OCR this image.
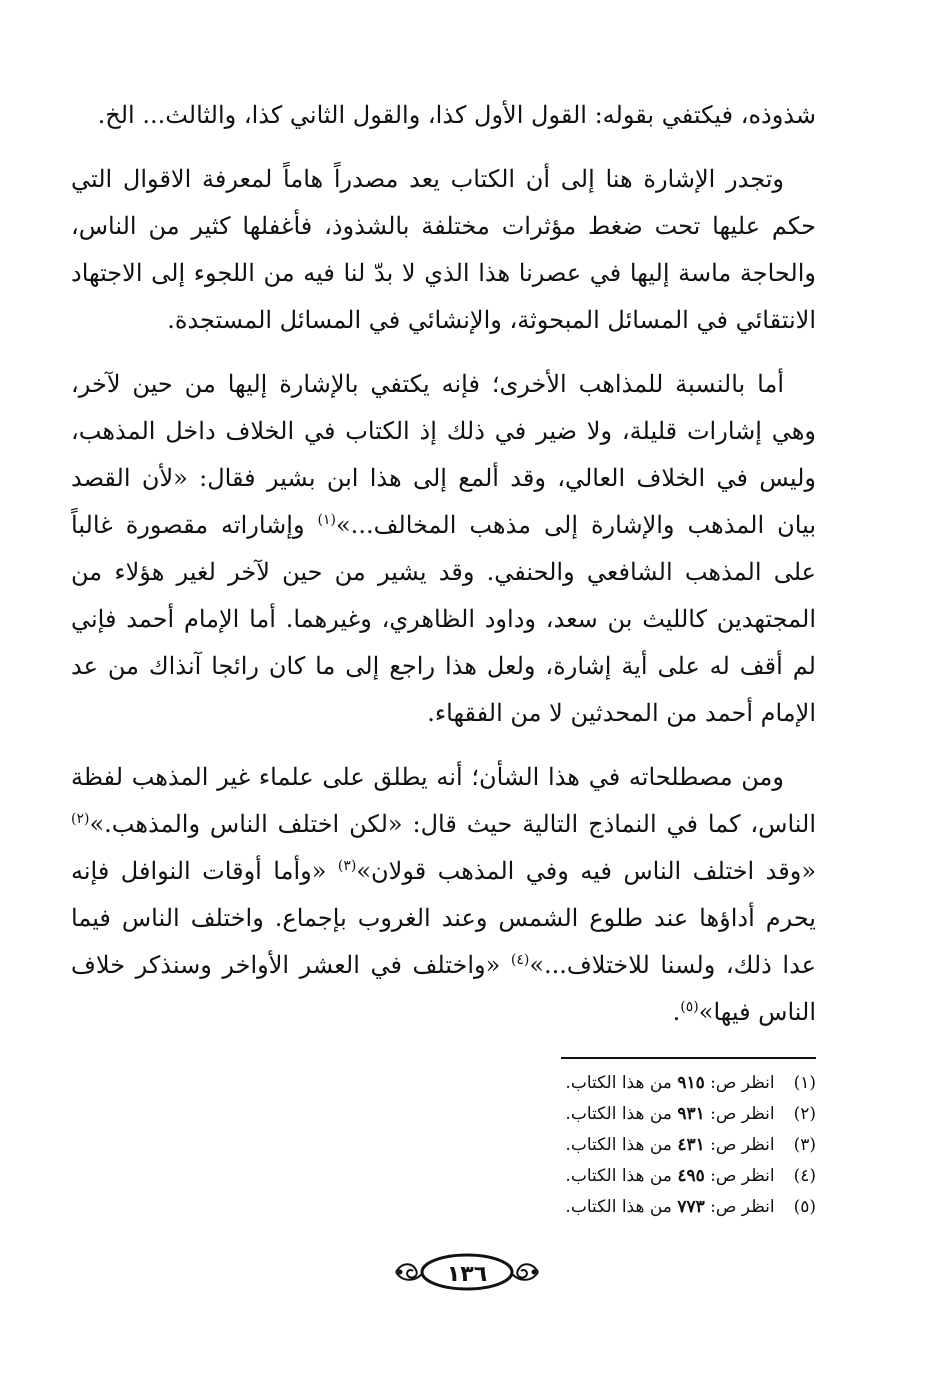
شذوذه، فيكتفي بقوله: القول الأول كذا، والقول الثاني كذا، والثالث... الخ.

وتجدر الإشارة هنا إلى أن الكتاب يعد مصدراً هاماً لمعرفة الاقوال التي حكم عليها تحت ضغط مؤثرات مختلفة بالشذوذ، فأغفلها كثير من الناس، والحاجة ماسة إليها في عصرنا هذا الذي لا بدّ لنا فيه من اللجوء إلى الاجتهاد الانتقائي في المسائل المبحوثة، والإنشائي في المسائل المستجدة.

أما بالنسبة للمذاهب الأخرى؛ فإنه يكتفي بالإشارة إليها من حين لآخر، وهي إشارات قليلة، ولا ضير في ذلك إذ الكتاب في الخلاف داخل المذهب، وليس في الخلاف العالي، وقد ألمع إلى هذا ابن بشير فقال: «لأن القصد بيان المذهب والإشارة إلى مذهب المخالف...»$^{(١)}$ وإشاراته مقصورة غالباً على المذهب الشافعي والحنفي. وقد يشير من حين لآخر لغير هؤلاء من المجتهدين كالليث بن سعد، وداود الظاهري، وغيرهما. أما الإمام أحمد فإني لم أقف له على أية إشارة، ولعل هذا راجع إلى ما كان رائجا آنذاك من عد الإمام أحمد من المحدثين لا من الفقهاء.

ومن مصطلحاته في هذا الشأن؛ أنه يطلق على علماء غير المذهب لفظة الناس، كما في النماذج التالية حيث قال: «لكن اختلف الناس والمذهب.»$^{(٢)}$ «وقد اختلف الناس فيه وفي المذهب قولان»$^{(٣)}$ «وأما أوقات النوافل فإنه يحرم أداؤها عند طلوع الشمس وعند الغروب بإجماع. واختلف الناس فيما عدا ذلك، ولسنا للاختلاف...»$^{(٤)}$ «واختلف في العشر الأواخر وسنذكر خلاف الناس فيها»$^{(٥)}$.

(١) انظر ص: ٩١٥ من هذا الكتاب.
(٢) انظر ص: ٩٣١ من هذا الكتاب.
(٣) انظر ص: ٤٣١ من هذا الكتاب.
(٤) انظر ص: ٤٩٥ من هذا الكتاب.
(٥) انظر ص: ٧٧٣ من هذا الكتاب.
١٣٦
